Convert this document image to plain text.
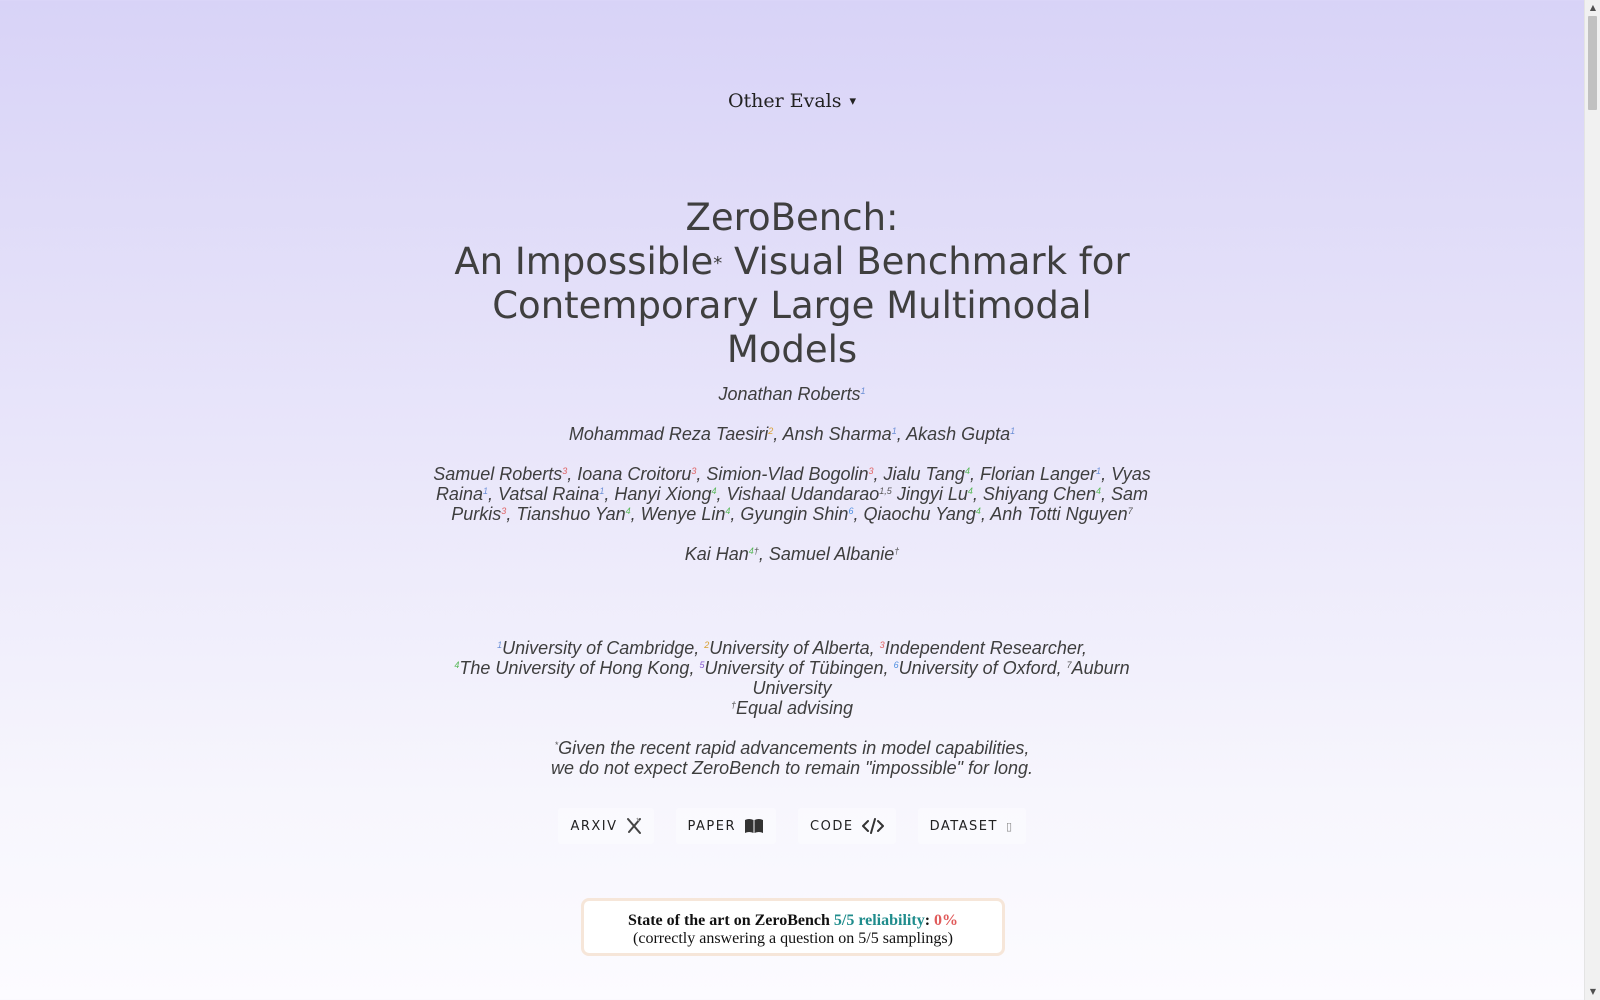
Other Evals ▾
ZeroBench:
An Impossible* Visual Benchmark for
Contemporary Large Multimodal
Models
Jonathan Roberts$^1$
Mohammad Reza Taesiri$^2$, Ansh Sharma$^1$, Akash Gupta$^1$
Samuel Roberts$^3$, Ioana Croitoru$^3$, Simion-Vlad Bogolin$^3$, Jialu Tang$^4$, Florian Langer$^1$, Vyas Raina$^1$, Vatsal Raina$^1$, Hanyi Xiong$^4$, Vishaal Udandarao$^{1,5}$ Jingyi Lu$^4$, Shiyang Chen$^4$, Sam Purkis$^3$, Tianshuo Yan$^4$, Wenye Lin$^4$, Gyungin Shin$^6$, Qiaochu Yang$^4$, Anh Totti Nguyen$^7$
Kai Han$^{4\dagger}$, Samuel Albanie†
$^1$University of Cambridge, $^2$University of Alberta, $^3$Independent Researcher,
$^4$The University of Hong Kong, $^5$University of Tübingen, $^6$University of Oxford, $^7$Auburn University
†Equal advising
*Given the recent rapid advancements in model capabilities,
we do not expect ZeroBench to remain "impossible" for long.
ARXIV	PAPER	CODE	DATASET ▯
State of the art on ZeroBench 5/5 reliability: 0%
(correctly answering a question on 5/5 samplings)
▲
▼
